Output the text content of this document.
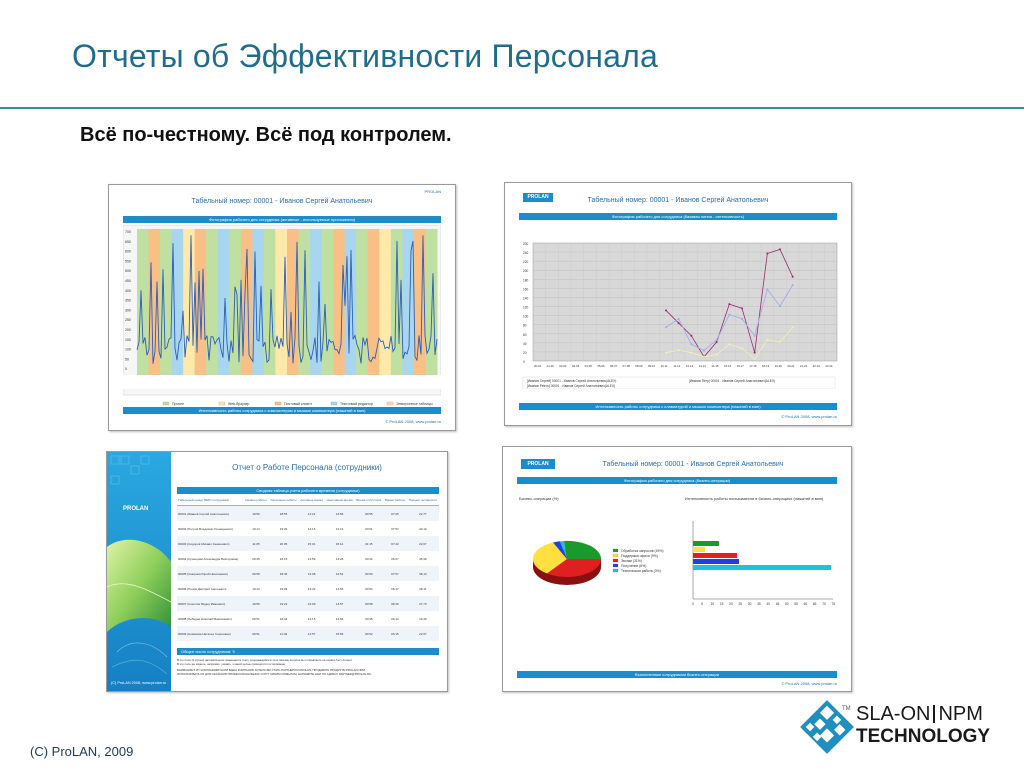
Отчеты об Эффективности Персонала
Всё по-честному. Всё под контролем.
PROLAN
Табельный номер: 00001 - Иванов Сергей Анатольевич
Фотография рабочего дня сотрудника (активные - используемые приложения)
700
650
600
550
500
450
400
350
300
250
200
150
100
50
0
Прочее	Web-браузер	Почтовый клиент	Текстовый редактор	Электронные таблицы
Интенсивность работы сотрудника с компьютером и мышью компьютера (нажатий в мин)
© ProLAN 2008, www.prolan.ru
PROLAN	Табельный номер: 00001 - Иванов Сергей Анатольевич
Фотография рабочего дня сотрудника (базовая линия - интенсивность)
200
240
220
200
180
160
140
120
100
80
60
40
20
0
00-01 01-02 02-03 03-04 04-05 05-06 06-07 07-08 08-09 09-10 10-11 11-12 12-13 13-14 14-15 15-16 16-17 17-18 18-19 19-20 20-21 21-22 22-23 23-24
[Иванов Сергей] 00001 - Иванов Сергей Анатольевич(ALEX)
[Иванов Petrov] 00001 - Иванов Сергей Анатольевич(ALEX)
[Иванов Петр] 00001 - Иванов Сергей Анатольевич(ALEX)
Интенсивность работы сотрудника с клавиатурой и мышью компьютера (нажатий в мин)
© ProLAN 2008, www.prolan.ru
PROLAN
(C) ProLAN 2008, www.prolan.ru
Отчет о Работе Персонала (сотрудники)
Сводная таблица учета рабочего времени (сотрудники)
Табельный номер (ФИО сотрудника)	Начало работы	Окончание работы	Активное время	Неактивное время	Время отсутствия	Время работы	Процент активности
00001 (Иванов Сергей Анатольевич)	10:56	18:55	14:21	14:56	00:55	07:25	22,77
00002 (Петров Владимир Геннадьевич)	10:13	19:09	14:15	13:13	00:51	07:57	49,10
00003 (Сидоров Михаил Семенович)	11:05	20:05	15:01	15:14	01:15	07:42	22,67
00004 (Кузнецова Александра Викторовна)	09:35	18:15	14:59	14:28	00:32	06:27	45,39
00005 (Смирнов Юрий Николаевич)	09:58	18:46	13:08	14:51	00:50	07:57	38,13
00006 (Попов Дмитрий Сергеевич)	10:13	19:09	13:32	14:56	00:54	06:17	28,11
00007 (Соколов Фёдор Иванович)	10:56	19:22	13:09	14:57	00:58	06:46	27,73
00008 (Лебедев Николай Максимович)	09:51	18:44	14:15	14:56	00:45	06:13	19,46
00009 (Новикова Наталья Сергеевна)	09:51	11:49	14:57	15:56	00:52	06:15	22,67
Общее число сотрудников: 9
В это поле (2 строки) автоматически помещается текст, содержащийся в теле письма, которое вы отправляете на сервер Тест-Атлант.
В это поле вы можете, например, указать, к какой целью проводится тестирование.
ВНИМАНИЕ!!! ИТ КОМПАНИЯМ! ЕСЛИ ВАША КОМПАНИЯ ХОТЕЛА БЫ СТАТЬ ПАРТНЕРОМ PROLAN, ПРОДАВАТЬ ПРОДУКТЫ PROLAN NPM
ИСПОЛЬЗОВАТЬ ИХ ДЛЯ ОКАЗАНИЯ ПРОФЕССИОНАЛЬНЫХ УСЛУГ СВОИМ КЛИЕНТАМ, НАПИШИТЕ НАМ ПО АДРЕСУ PARTNER@PROLAN.RU.
PROLAN	Табельный номер: 00001 - Иванов Сергей Анатольевич
Фотография рабочего дня сотрудника (бизнес-операции)
Бизнес-операции (%)	Интенсивность работы пользователя в бизнес-операциях (нажатий в мин)
Обработка запросов (49%)
Поддержка офиса (9%)
Звонки (31%)
Получение (8%)
Техническая работа (3%)
0 5 10 15 20 25 30 35 40 45 50 55 60 65 70 75
Выполненные сотрудником бизнес-операции
© ProLAN 2008, www.prolan.ru
(C) ProLAN, 2009
TM SLA-ON NPM
TECHNOLOGY
